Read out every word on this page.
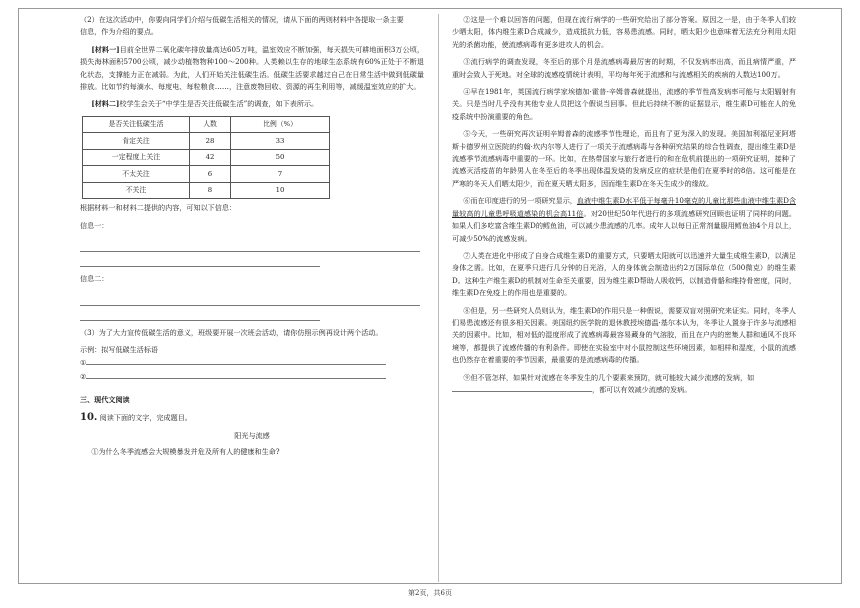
（2）在这次活动中，你要向同学们介绍与低碳生活相关的情况，请从下面的两则材料中各提取一条主要
信息，作为介绍的要点。

[材料一]目前全世界二氧化碳年排放量高达605万吨，温室效应不断加强，每天损失可耕地面积3万公顷，损失海林面积5700公顷，减少动植物物种100～200种。人类赖以生存的地球生态系统有60%正处于不断退化状态，支撑能力正在减弱。为此，人们开始关注低碳生活。低碳生活要求越过自己在日常生活中做到低碳量排放。比如节约每滴水、每度电、每粒粮食……，注意废物回收、资源的再生利用等，减缓温室效应的扩大。

[材料二]校学生会关于“中学生是否关注低碳生活”的调查，如下表所示。

是否关注低碳生活	人数	比例（%）
肯定关注	28	33
一定程度上关注	42	50
不太关注	6	7
不关注	8	10

根据材料一和材料二提供的内容，可知以下信息：

信息一：

信息二：

（3）为了大力宣传低碳生活的意义，班级要开展一次班会活动，请你仿照示例再设计两个活动。

示例：拟写低碳生活标语

①

②

三、现代文阅读

10. 阅读下面的文字，完成题目。

阳光与流感

①为什么冬季流感会大规模暴发并危及所有人的健康和生命?

②这是一个难以回答的问题，但现在流行病学的一些研究给出了部分答案。原因之一是，由于冬季人们较少晒太阳，体内维生素D合成减少，造成抵抗力低，容易患流感。同时，晒太阳少也意味着无法充分利用太阳光的杀菌功能，使流感病毒有更多进攻人的机会。

③流行病学的调查发现，冬至后的那个月是流感病毒最厉害的时期，不仅发病率出高，而且病情严重，严重时会致人于死地。对全球的流感疫情统计表明，平均每年死于流感和与流感相关的疾病的人数达100万。

④早在1981年，英国流行病学家埃德加·霍普-辛姆普森就提出，流感的季节性高发病率可能与太阳辐射有关。只是当时几乎没有其他专业人员把这个假说当回事。但此后持续不断的证据显示，维生素D可能在人的免疫系统中扮演重要的角色。

⑤今天，一些研究再次证明辛姆普森的流感季节性理论，而且有了更为深入的发现。美国加利福尼亚阿塔斯卡德罗州立医院的约翰·坎内尔等人进行了一项关于流感病毒与各种研究结果的综合性调查，提出维生素D是流感季节流感病毒中重要的一环。比如，在热带国家与旅行者进行的和在危机前提出的一项研究证明，接种了流感灭活疫苗的年龄男人在冬至后的冬季出现体温发烧的发病反应的症状是他们在夏季时的8倍。这可能是在严寒的冬天人们晒太阳少，而在夏天晒太阳多，因而维生素D在冬天生成少的缘故。

⑥而在印度进行的另一项研究显示，血液中维生素D水平低于每毫升10毫克的儿童比那些血液中维生素D含量较高的儿童患呼吸道感染的机会高11倍。对20世纪50年代进行的多项流感研究回顾也证明了同样的问题。如果人们多吃富含维生素D的鳕鱼油，可以减少患流感的几率。成年人以每日正常剂量服用鳕鱼油4个月以上，可减少50%的流感发病。

⑦人类在进化中形成了自身合成维生素D的重要方式，只要晒太阳就可以迅速并大量生成维生素D，以满足身体之需。比如，在夏季只进行几分钟的日光浴，人的身体就会制造出约2万国际单位（500微克）的维生素D。这种生产维生素D的机制对生命至关重要，因为维生素D帮助人吸收钙，以制造骨骼和维持骨密度，同时，维生素D在免疫上的作用也是重要的。

⑧但是，另一些研究人员则认为，维生素D的作用只是一种假说，需要双盲对照研究来证实。同时，冬季人们易患流感还有很多相关因素。美国纽约医学院的退休教授埃德温·基尔本认为，冬季让人置身于许多与流感相关的因素中。比如，相对低的湿度形成了流感病毒最容易藏身的气溶胶，而且在户内的密集人群和通风不良环境等，都提供了流感传播的有利条件。即使在实验室中对小鼠控制这些环境因素，如相样和湿度，小鼠的流感也仍然存在着重要的季节因素，最重要的是流感病毒的传播。

⑨但不管怎样，如果针对流感在冬季发生的几个要素来预防，就可能较大减少流感的发病，如
，都可以有效减少流感的发病。

第2页，共6页
